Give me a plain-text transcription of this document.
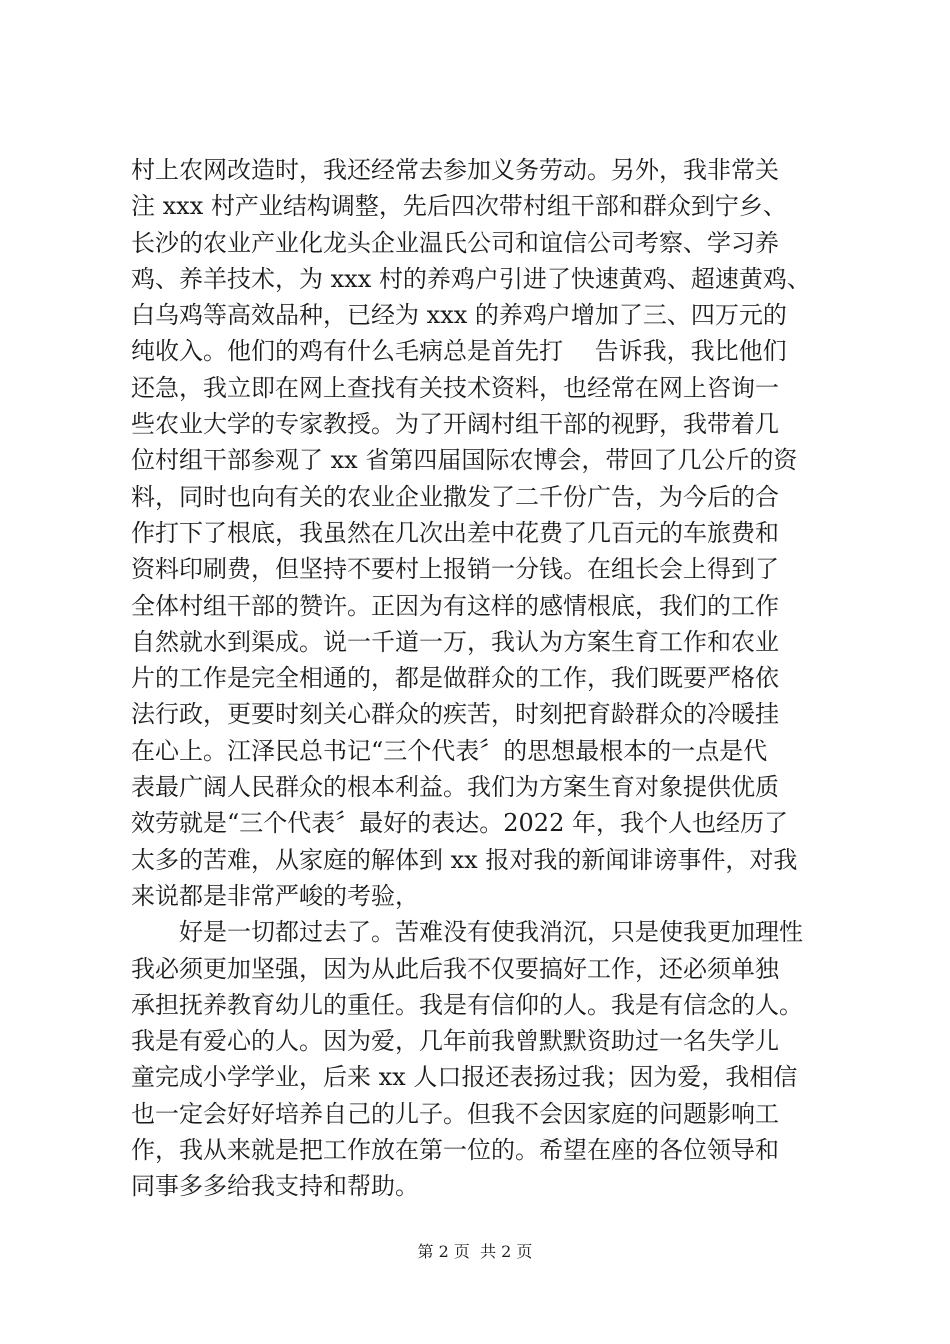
村上农网改造时，我还经常去参加义务劳动。另外，我非常关
注 xxx 村产业结构调整，先后四次带村组干部和群众到宁乡、
长沙的农业产业化龙头企业温氏公司和谊信公司考察、学习养
鸡、养羊技术，为 xxx 村的养鸡户引进了快速黄鸡、超速黄鸡、
白乌鸡等高效品种，已经为 xxx 的养鸡户增加了三、四万元的
纯收入。他们的鸡有什么毛病总是首先打　 告诉我，我比他们
还急，我立即在网上查找有关技术资料，也经常在网上咨询一
些农业大学的专家教授。为了开阔村组干部的视野，我带着几
位村组干部参观了 xx 省第四届国际农博会，带回了几公斤的资
料，同时也向有关的农业企业撒发了二千份广告，为今后的合
作打下了根底，我虽然在几次出差中花费了几百元的车旅费和
资料印刷费，但坚持不要村上报销一分钱。在组长会上得到了
全体村组干部的赞许。正因为有这样的感情根底，我们的工作
自然就水到渠成。说一千道一万，我认为方案生育工作和农业
片的工作是完全相通的，都是做群众的工作，我们既要严格依
法行政，更要时刻关心群众的疾苦，时刻把育龄群众的冷暖挂
在心上。江泽民总书记“三个代表〞的思想最根本的一点是代
表最广阔人民群众的根本利益。我们为方案生育对象提供优质
效劳就是“三个代表〞最好的表达。2022 年，我个人也经历了
太多的苦难，从家庭的解体到 xx 报对我的新闻诽谤事件，对我
来说都是非常严峻的考验，
　　好是一切都过去了。苦难没有使我消沉，只是使我更加理性
我必须更加坚强，因为从此后我不仅要搞好工作，还必须单独
承担抚养教育幼儿的重任。我是有信仰的人。我是有信念的人。
我是有爱心的人。因为爱，几年前我曾默默资助过一名失学儿
童完成小学学业，后来 xx 人口报还表扬过我；因为爱，我相信
也一定会好好培养自己的儿子。但我不会因家庭的问题影响工
作，我从来就是把工作放在第一位的。希望在座的各位领导和
同事多多给我支持和帮助。
第 2 页  共 2 页
